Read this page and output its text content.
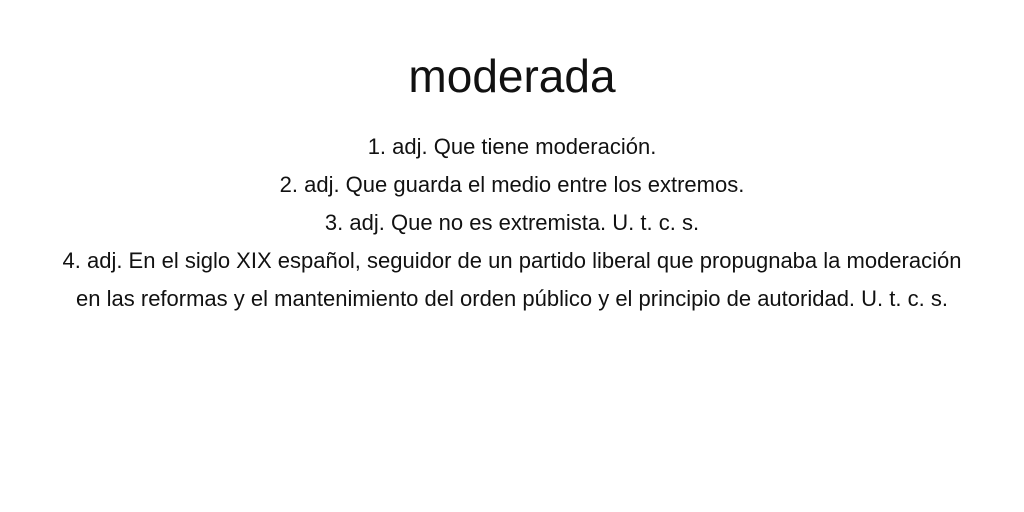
moderada
1. adj. Que tiene moderación.
2. adj. Que guarda el medio entre los extremos.
3. adj. Que no es extremista. U. t. c. s.
4. adj. En el siglo XIX español, seguidor de un partido liberal que propugnaba la moderación en las reformas y el mantenimiento del orden público y el principio de autoridad. U. t. c. s.
